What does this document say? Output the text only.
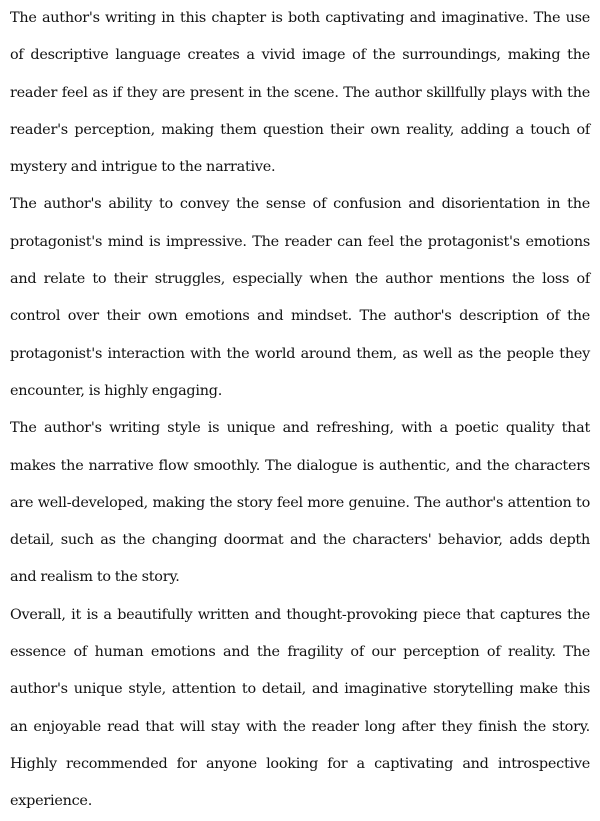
The author's writing in this chapter is both captivating and imaginative. The use of descriptive language creates a vivid image of the surroundings, making the reader feel as if they are present in the scene. The author skillfully plays with the reader's perception, making them question their own reality, adding a touch of mystery and intrigue to the narrative.

The author's ability to convey the sense of confusion and disorientation in the protagonist's mind is impressive. The reader can feel the protagonist's emotions and relate to their struggles, especially when the author mentions the loss of control over their own emotions and mindset. The author's description of the protagonist's interaction with the world around them, as well as the people they encounter, is highly engaging.

The author's writing style is unique and refreshing, with a poetic quality that makes the narrative flow smoothly. The dialogue is authentic, and the characters are well-developed, making the story feel more genuine. The author's attention to detail, such as the changing doormat and the characters' behavior, adds depth and realism to the story.

Overall, it is a beautifully written and thought-provoking piece that captures the essence of human emotions and the fragility of our perception of reality. The author's unique style, attention to detail, and imaginative storytelling make this an enjoyable read that will stay with the reader long after they finish the story. Highly recommended for anyone looking for a captivating and introspective experience.
